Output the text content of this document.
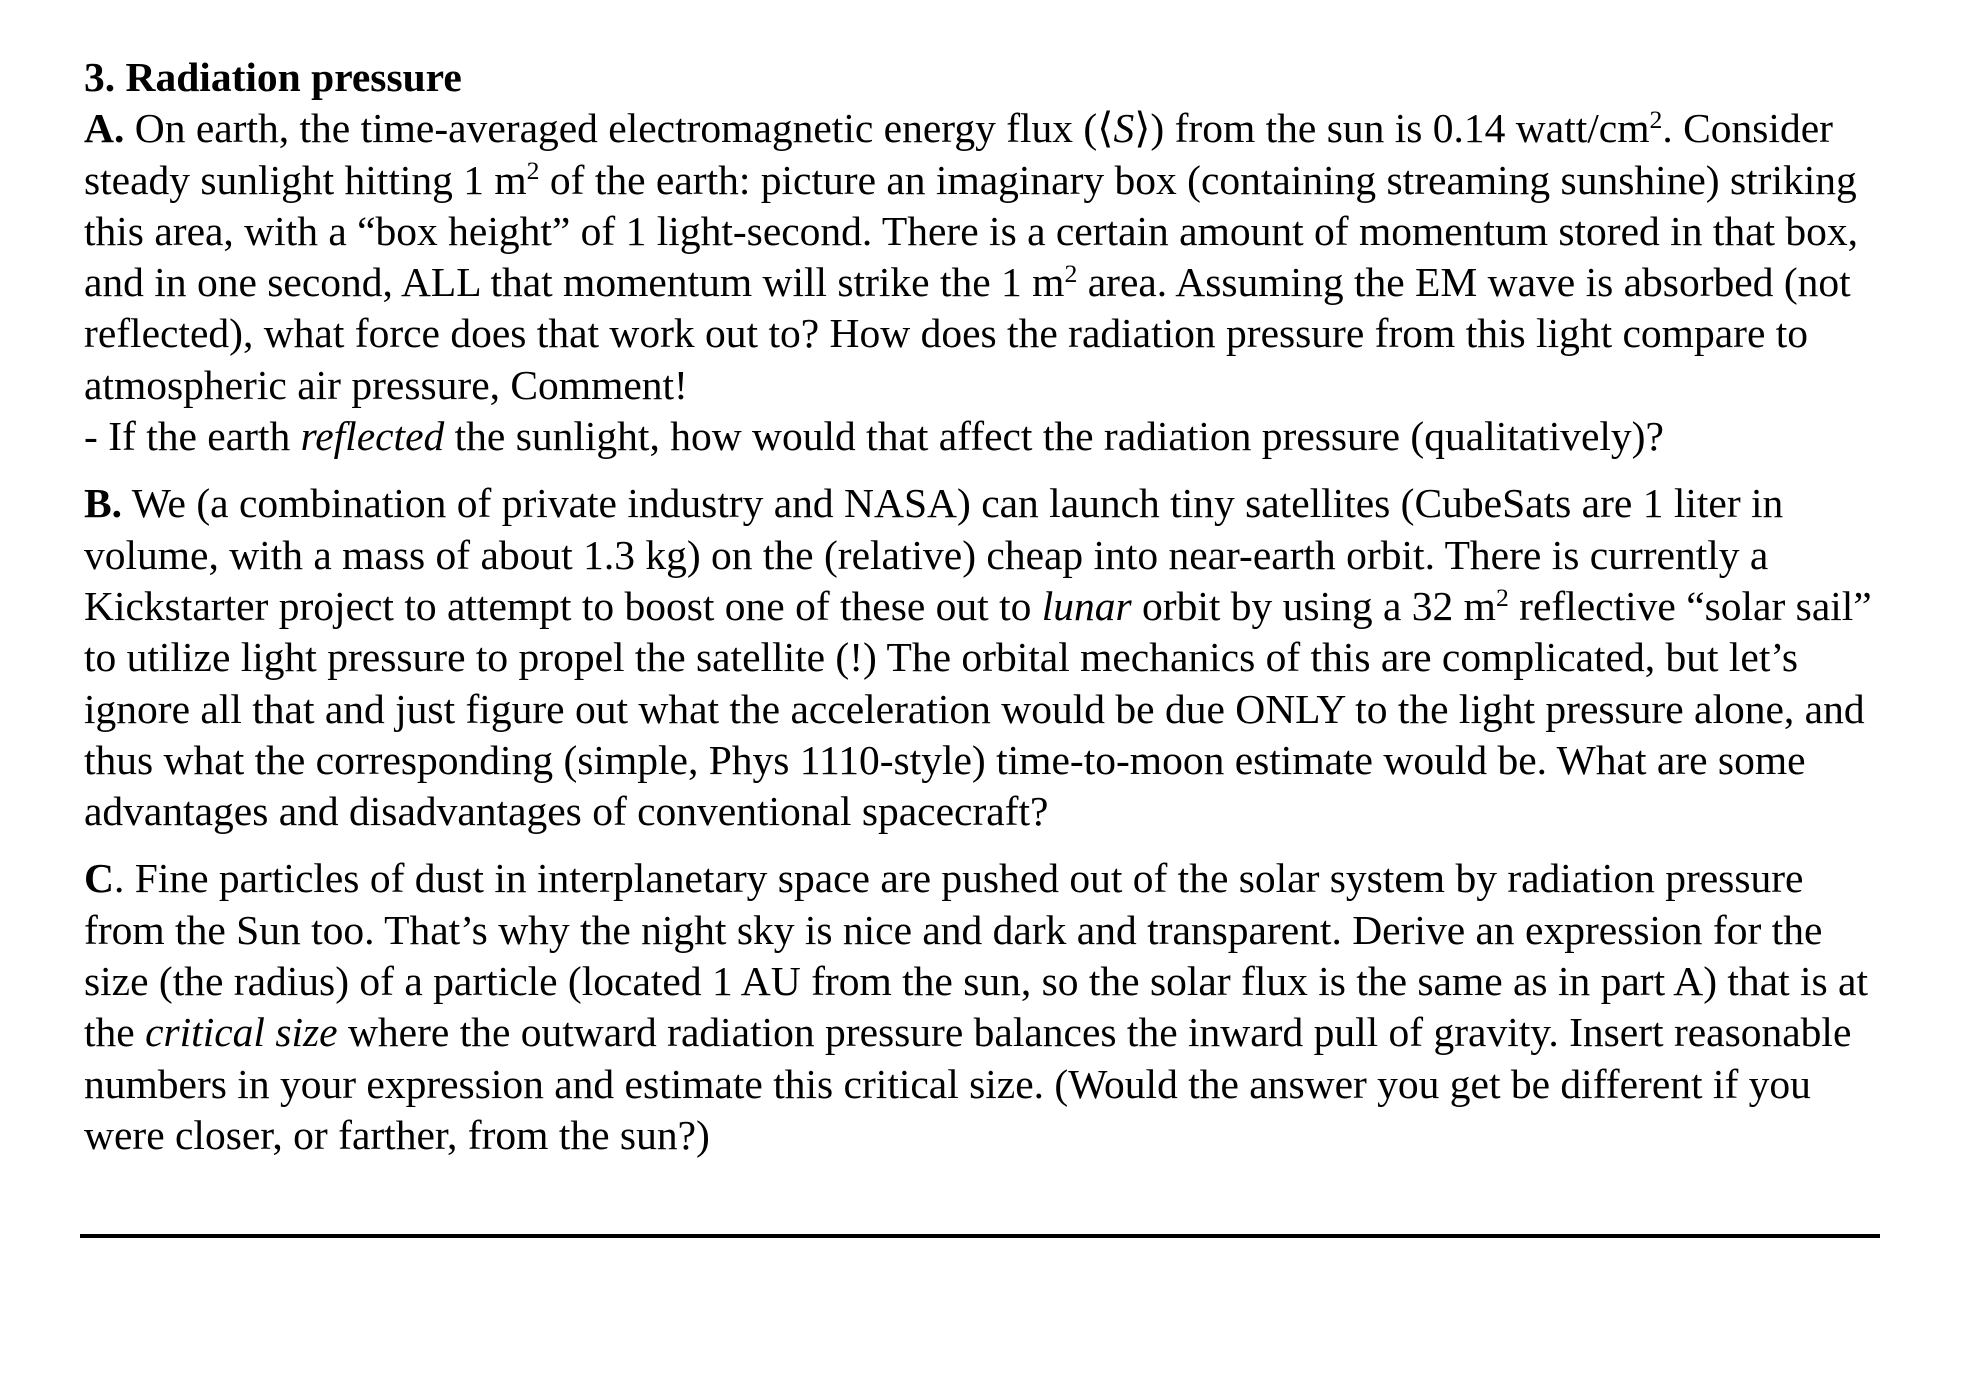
3. Radiation pressure
A. On earth, the time-averaged electromagnetic energy flux (⟨S⟩) from the sun is 0.14 watt/$cm^2$. Consider steady sunlight hitting 1 $m^2$ of the earth: picture an imaginary box (containing streaming sunshine) striking this area, with a “box height” of 1 light-second. There is a certain amount of momentum stored in that box, and in one second, ALL that momentum will strike the 1 $m^2$ area. Assuming the EM wave is absorbed (not reflected), what force does that work out to? How does the radiation pressure from this light compare to atmospheric air pressure, Comment!
- If the earth reflected the sunlight, how would that affect the radiation pressure (qualitatively)?
B. We (a combination of private industry and NASA) can launch tiny satellites (CubeSats are 1 liter in volume, with a mass of about 1.3 kg) on the (relative) cheap into near-earth orbit. There is currently a Kickstarter project to attempt to boost one of these out to lunar orbit by using a 32 $m^2$ reflective “solar sail” to utilize light pressure to propel the satellite (!) The orbital mechanics of this are complicated, but let’s ignore all that and just figure out what the acceleration would be due ONLY to the light pressure alone, and thus what the corresponding (simple, Phys 1110-style) time-to-moon estimate would be. What are some advantages and disadvantages of conventional spacecraft?
C. Fine particles of dust in interplanetary space are pushed out of the solar system by radiation pressure from the Sun too. That’s why the night sky is nice and dark and transparent. Derive an expression for the size (the radius) of a particle (located 1 AU from the sun, so the solar flux is the same as in part A) that is at the critical size where the outward radiation pressure balances the inward pull of gravity. Insert reasonable numbers in your expression and estimate this critical size. (Would the answer you get be different if you were closer, or farther, from the sun?)
